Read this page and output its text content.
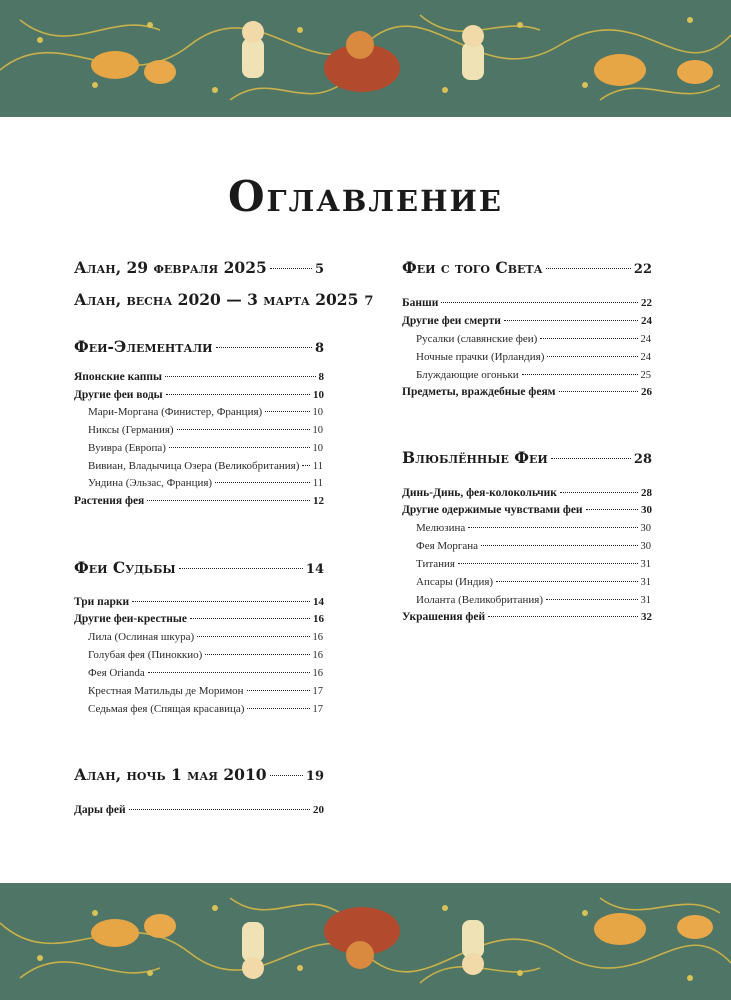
Оглавление
Алан, 29 февраля 2025	5
Алан, весна 2020 — 3 марта 2025 7
Феи-Элементали	8
Японские каппы	8
Другие феи воды	10
Мари-Моргана (Финистер, Франция)	10
Никсы (Германия)	10
Вуивра (Европа)	10
Вивиан, Владычица Озера (Великобритания) 11
Ундина (Эльзас, Франция)	11
Растения фея	12
Феи Судьбы	14
Три парки	14
Другие феи-крестные	16
Лила (Ослиная шкура)	16
Голубая фея (Пиноккио)	16
Фея Orianda	16
Крестная Матильды де Моримон	17
Седьмая фея (Спящая красавица)	17
Алан, ночь 1 мая 2010	19
Дары фей	20
Феи с того Света	22
Банши	22
Другие феи смерти	24
Русалки (славянские феи)	24
Ночные прачки (Ирландия)	24
Блуждающие огоньки	25
Предметы, враждебные феям	26
Влюблённые Феи	28
Динь-Динь, фея-колокольчик	28
Другие одержимые чувствами феи	30
Мелюзина	30
Фея Моргана	30
Титания	31
Апсары (Индия)	31
Иоланта (Великобритания)	31
Украшения фей	32
